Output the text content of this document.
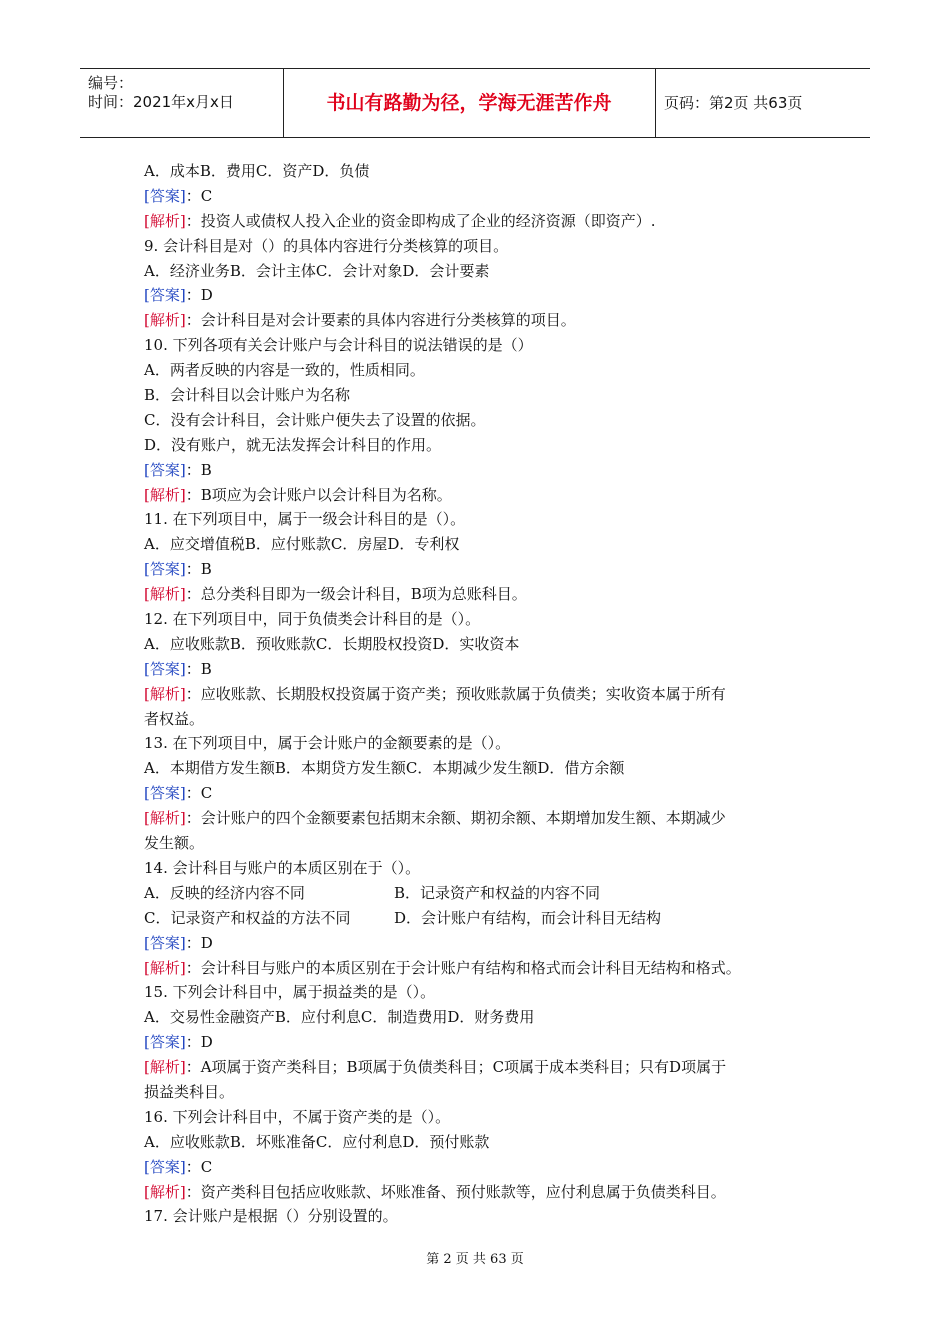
编号：
时间：2021年x月x日	书山有路勤为径，学海无涯苦作舟	页码：第2页 共63页
A．成本B．费用C．资产D．负债
[答案]：C
[解析]：投资人或债权人投入企业的资金即构成了企业的经济资源（即资产）.
9. 会计科目是对（）的具体内容进行分类核算的项目。
A．经济业务B．会计主体C．会计对象D．会计要素
[答案]：D
[解析]：会计科目是对会计要素的具体内容进行分类核算的项目。
10. 下列各项有关会计账户与会计科目的说法错误的是（）
A．两者反映的内容是一致的，性质相同。
B．会计科目以会计账户为名称
C．没有会计科目，会计账户便失去了设置的依据。
D．没有账户，就无法发挥会计科目的作用。
[答案]：B
[解析]：B项应为会计账户以会计科目为名称。
11. 在下列项目中，属于一级会计科目的是（）。
A．应交增值税B．应付账款C．房屋D．专利权
[答案]：B
[解析]：总分类科目即为一级会计科目，B项为总账科目。
12. 在下列项目中，同于负债类会计科目的是（）。
A．应收账款B．预收账款C．长期股权投资D．实收资本
[答案]：B
[解析]：应收账款、长期股权投资属于资产类；预收账款属于负债类；实收资本属于所有
者权益。
13. 在下列项目中，属于会计账户的金额要素的是（）。
A．本期借方发生额B．本期贷方发生额C．本期减少发生额D．借方余额
[答案]：C
[解析]：会计账户的四个金额要素包括期末余额、期初余额、本期增加发生额、本期减少
发生额。
14. 会计科目与账户的本质区别在于（）。
A．反映的经济内容不同	B．记录资产和权益的内容不同
C．记录资产和权益的方法不同	D．会计账户有结构，而会计科目无结构
[答案]：D
[解析]：会计科目与账户的本质区别在于会计账户有结构和格式而会计科目无结构和格式。
15. 下列会计科目中，属于损益类的是（）。
A．交易性金融资产B．应付利息C．制造费用D．财务费用
[答案]：D
[解析]：A项属于资产类科目；B项属于负债类科目；C项属于成本类科目；只有D项属于
损益类科目。
16. 下列会计科目中，不属于资产类的是（）。
A．应收账款B．坏账准备C．应付利息D．预付账款
[答案]：C
[解析]：资产类科目包括应收账款、坏账准备、预付账款等，应付利息属于负债类科目。
17. 会计账户是根据（）分别设置的。
第 2 页 共 63 页
